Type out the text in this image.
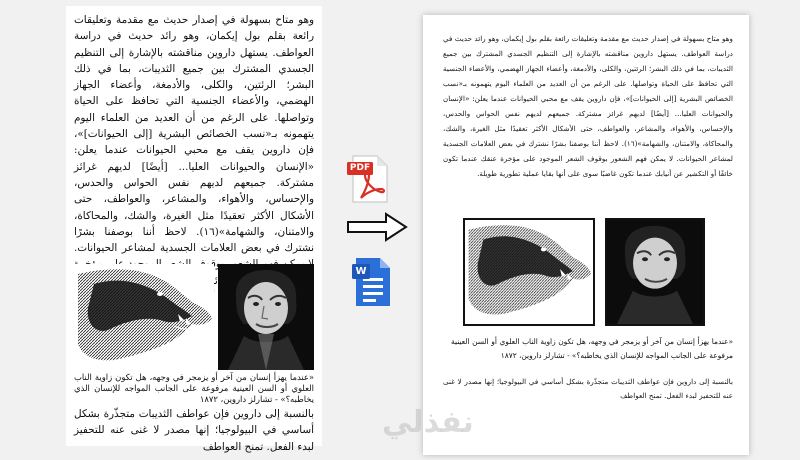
وهو متاح بسهولة في إصدار حديث مع مقدمة وتعليقات رائعة بقلم بول إيكمان، وهو رائد حديث في دراسة العواطف. يستهل داروين مناقشته بالإشارة إلى التنظيم الجسدي المشترك بين جميع الثديبات، بما في ذلك البشر؛ الرئتين، والكلى، والأدمغة، وأعضاء الجهاز الهضمي، والأعضاء الجنسية التي تحافظ على الحياة وتواصلها. على الرغم من أن العديد من العلماء اليوم يتهمونه بـ«نسب الخصائص البشرية [إلى الحيوانات]»، فإن داروين يقف مع محبي الحيوانات عندما يعلن: «الإنسان والحيوانات العليا... [أيضًا] لديهم غرائز مشتركة. جميعهم لديهم نفس الحواس والحدس، والإحساس، والأهواء، والمشاعر، والعواطف، حتى الأشكال الأكثر تعقيدًا مثل الغيرة، والشك، والمحاكاة، والامتنان، والشهامة»(١٦). لاحظ أننا بوصفنا بشرًا نشترك في بعض العلامات الجسدية لمشاعر الحيوانات. خائفًا
«عندما يهزأ إنسان من آخر أو يزمجر في وجهه، هل تكون زاوية الناب العلوي أو السن العينية مرفوعة على الجانب المواجه للإنسان الذي يخاطبه؟» - تشارلز داروين، ١٨٧٢
بالنسبة إلى داروين فإن عواطف الثديبات متجذّرة بشكل أساسي في البيولوجيا؛ إنها مصدر لا غنى عنه للتحفيز لبدء الفعل. تمنح العواطف
PDF
W
وهو متاح بسهولة في إصدار حديث مع مقدمة وتعليقات رائعة بقلم بول إيكمان، وهو رائد حديث في دراسة العواطف. يستهل داروين مناقشته بالإشارة إلى التنظيم الجسدي المشترك بين جميع الثديبات، بما في ذلك البشر؛ الرئتين، والكلى، والأدمغة، وأعضاء الجهاز الهضمي، والأعضاء الجنسية التي تحافظ على الحياة وتواصلها. على الرغم من أن العديد من العلماء اليوم يتهمونه بـ«نسب الخصائص البشرية [إلى الحيوانات]»، فإن داروين يقف مع محبي الحيوانات عندما يعلن: «الإنسان والحيوانات العليا... [أيضًا] لديهم غرائز مشتركة. جميعهم لديهم نفس الحواس والحدس، والإحساس، والأهواء، والمشاعر، والعواطف، حتى الأشكال الأكثر تعقيدًا مثل الغيرة، والشك، والمحاكاة، والامتنان، والشهامة»(١٦). لاحظ أننا بوصفنا بشرًا نشترك في بعض العلامات الجسدية لمشاعر الحيوانات. لا يمكن فهم الشعور بوقوف الشعر الموجود على مؤخرة عنقك عندما تكون خائفًا أو التكشير عن أنيابك عندما تكون غاضبًا سوى على أنها بقايا عملية تطورية طويلة.
«عندما يهزأ إنسان من آخر أو يزمجر في وجهه، هل تكون زاوية الناب العلوي أو السن العينية مرفوعة على الجانب المواجه للإنسان الذي يخاطبه؟» - تشارلز داروين، ١٨٧٢
بالنسبة إلى داروين فإن عواطف الثديبات متجذّرة بشكل أساسي في البيولوجيا؛ إنها مصدر لا غنى عنه للتحفيز لبدء الفعل. تمنح العواطف
نفذلي
